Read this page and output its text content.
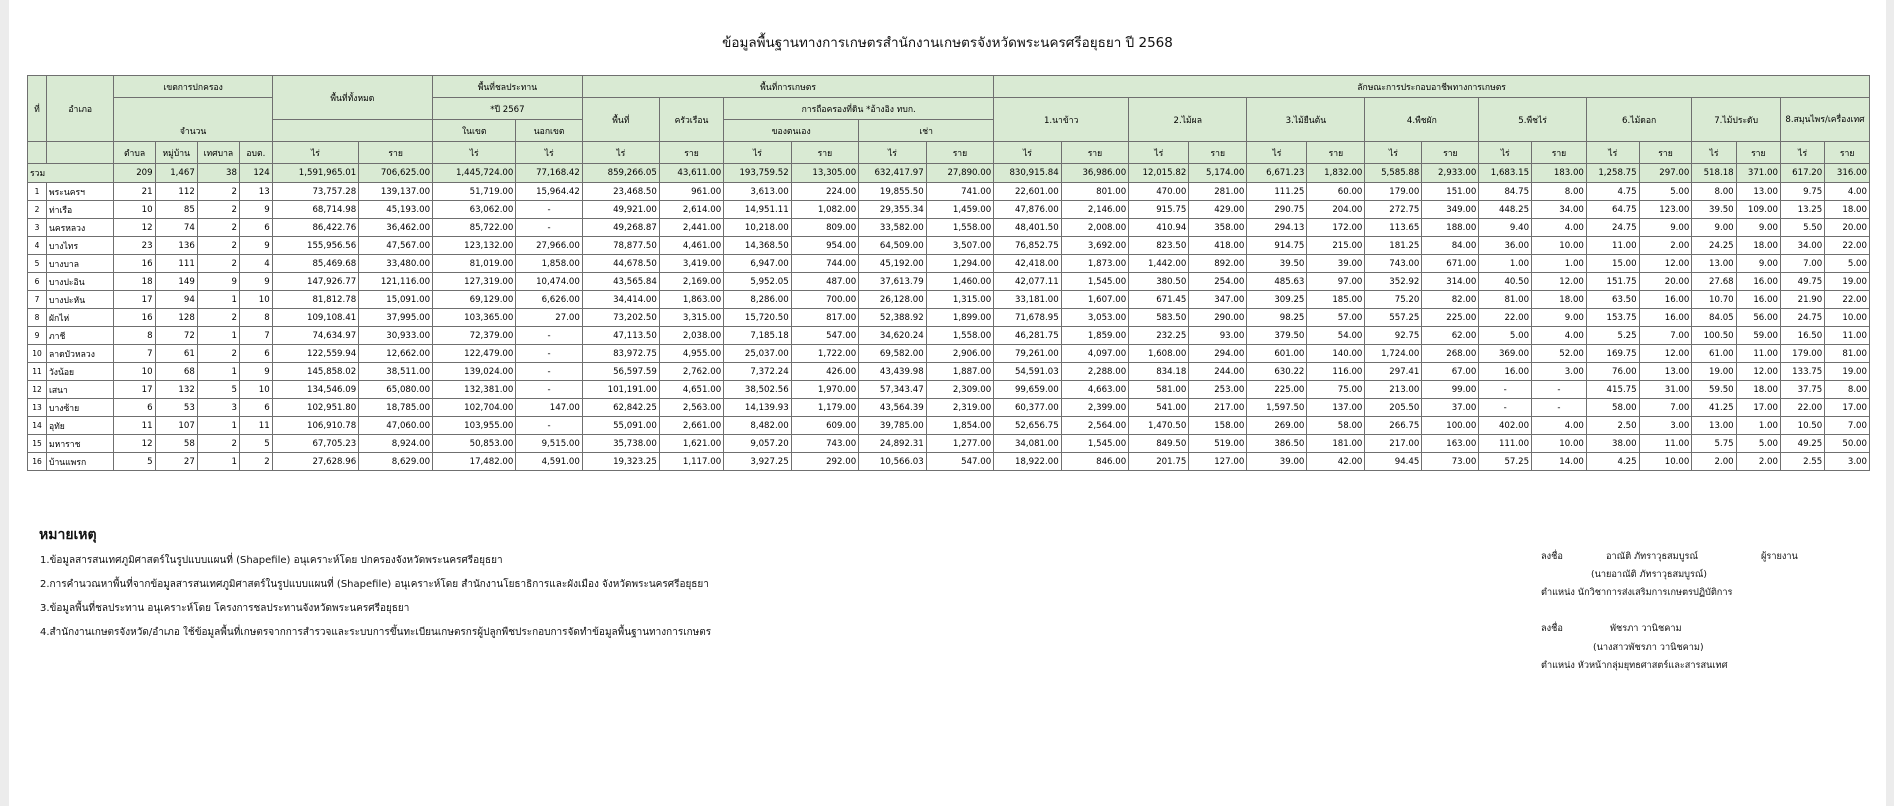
ข้อมูลพื้นฐานทางการเกษตรสำนักงานเกษตรจังหวัดพระนครศรีอยุธยา ปี 2568
ที่	อำเภอ	เขตการปกครอง				พื้นที่ทั้งหมด		พื้นที่ชลประทาน		พื้นที่การเกษตร						ลักษณะการประกอบอาชีพทางการเกษตร															
								*ปี 2567		พื้นที่	ครัวเรือน	การถือครองที่ดิน *อ้างอิง ทบก.				1.นาข้าว		2.ไม้ผล		3.ไม้ยืนต้น		4.พืชผัก		5.พืชไร่		6.ไม้ดอก		7.ไม้ประดับ		8.สมุนไพร/เครื่องเทศ	
		จำนวน						ในเขต	นอกเขต			ของตนเอง		เช่า																	
		ตำบล	หมู่บ้าน	เทศบาล	อบต.	ไร่	ราย	ไร่	ไร่	ไร่	ราย	ไร่	ราย	ไร่	ราย	ไร่	ราย	ไร่	ราย	ไร่	ราย	ไร่	ราย	ไร่	ราย	ไร่	ราย	ไร่	ราย	ไร่	ราย
รวม		209	1,467	38	124	1,591,965.01	706,625.00	1,445,724.00	77,168.42	859,266.05	43,611.00	193,759.52	13,305.00	632,417.97	27,890.00	830,915.84	36,986.00	12,015.82	5,174.00	6,671.23	1,832.00	5,585.88	2,933.00	1,683.15	183.00	1,258.75	297.00	518.18	371.00	617.20	316.00
1	พระนครฯ	21	112	2	13	73,757.28	139,137.00	51,719.00	15,964.42	23,468.50	961.00	3,613.00	224.00	19,855.50	741.00	22,601.00	801.00	470.00	281.00	111.25	60.00	179.00	151.00	84.75	8.00	4.75	5.00	8.00	13.00	9.75	4.00
2	ท่าเรือ	10	85	2	9	68,714.98	45,193.00	63,062.00	-	49,921.00	2,614.00	14,951.11	1,082.00	29,355.34	1,459.00	47,876.00	2,146.00	915.75	429.00	290.75	204.00	272.75	349.00	448.25	34.00	64.75	123.00	39.50	109.00	13.25	18.00
3	นครหลวง	12	74	2	6	86,422.76	36,462.00	85,722.00	-	49,268.87	2,441.00	10,218.00	809.00	33,582.00	1,558.00	48,401.50	2,008.00	410.94	358.00	294.13	172.00	113.65	188.00	9.40	4.00	24.75	9.00	9.00	9.00	5.50	20.00
4	บางไทร	23	136	2	9	155,956.56	47,567.00	123,132.00	27,966.00	78,877.50	4,461.00	14,368.50	954.00	64,509.00	3,507.00	76,852.75	3,692.00	823.50	418.00	914.75	215.00	181.25	84.00	36.00	10.00	11.00	2.00	24.25	18.00	34.00	22.00
5	บางบาล	16	111	2	4	85,469.68	33,480.00	81,019.00	1,858.00	44,678.50	3,419.00	6,947.00	744.00	45,192.00	1,294.00	42,418.00	1,873.00	1,442.00	892.00	39.50	39.00	743.00	671.00	1.00	1.00	15.00	12.00	13.00	9.00	7.00	5.00
6	บางปะอิน	18	149	9	9	147,926.77	121,116.00	127,319.00	10,474.00	43,565.84	2,169.00	5,952.05	487.00	37,613.79	1,460.00	42,077.11	1,545.00	380.50	254.00	485.63	97.00	352.92	314.00	40.50	12.00	151.75	20.00	27.68	16.00	49.75	19.00
7	บางปะหัน	17	94	1	10	81,812.78	15,091.00	69,129.00	6,626.00	34,414.00	1,863.00	8,286.00	700.00	26,128.00	1,315.00	33,181.00	1,607.00	671.45	347.00	309.25	185.00	75.20	82.00	81.00	18.00	63.50	16.00	10.70	16.00	21.90	22.00
8	ผักไห่	16	128	2	8	109,108.41	37,995.00	103,365.00	27.00	73,202.50	3,315.00	15,720.50	817.00	52,388.92	1,899.00	71,678.95	3,053.00	583.50	290.00	98.25	57.00	557.25	225.00	22.00	9.00	153.75	16.00	84.05	56.00	24.75	10.00
9	ภาชี	8	72	1	7	74,634.97	30,933.00	72,379.00	-	47,113.50	2,038.00	7,185.18	547.00	34,620.24	1,558.00	46,281.75	1,859.00	232.25	93.00	379.50	54.00	92.75	62.00	5.00	4.00	5.25	7.00	100.50	59.00	16.50	11.00
10	ลาดบัวหลวง	7	61	2	6	122,559.94	12,662.00	122,479.00	-	83,972.75	4,955.00	25,037.00	1,722.00	69,582.00	2,906.00	79,261.00	4,097.00	1,608.00	294.00	601.00	140.00	1,724.00	268.00	369.00	52.00	169.75	12.00	61.00	11.00	179.00	81.00
11	วังน้อย	10	68	1	9	145,858.02	38,511.00	139,024.00	-	56,597.59	2,762.00	7,372.24	426.00	43,439.98	1,887.00	54,591.03	2,288.00	834.18	244.00	630.22	116.00	297.41	67.00	16.00	3.00	76.00	13.00	19.00	12.00	133.75	19.00
12	เสนา	17	132	5	10	134,546.09	65,080.00	132,381.00	-	101,191.00	4,651.00	38,502.56	1,970.00	57,343.47	2,309.00	99,659.00	4,663.00	581.00	253.00	225.00	75.00	213.00	99.00	-	-	415.75	31.00	59.50	18.00	37.75	8.00
13	บางซ้าย	6	53	3	6	102,951.80	18,785.00	102,704.00	147.00	62,842.25	2,563.00	14,139.93	1,179.00	43,564.39	2,319.00	60,377.00	2,399.00	541.00	217.00	1,597.50	137.00	205.50	37.00	-	-	58.00	7.00	41.25	17.00	22.00	17.00
14	อุทัย	11	107	1	11	106,910.78	47,060.00	103,955.00	-	55,091.00	2,661.00	8,482.00	609.00	39,785.00	1,854.00	52,656.75	2,564.00	1,470.50	158.00	269.00	58.00	266.75	100.00	402.00	4.00	2.50	3.00	13.00	1.00	10.50	7.00
15	มหาราช	12	58	2	5	67,705.23	8,924.00	50,853.00	9,515.00	35,738.00	1,621.00	9,057.20	743.00	24,892.31	1,277.00	34,081.00	1,545.00	849.50	519.00	386.50	181.00	217.00	163.00	111.00	10.00	38.00	11.00	5.75	5.00	49.25	50.00
16	บ้านแพรก	5	27	1	2	27,628.96	8,629.00	17,482.00	4,591.00	19,323.25	1,117.00	3,927.25	292.00	10,566.03	547.00	18,922.00	846.00	201.75	127.00	39.00	42.00	94.45	73.00	57.25	14.00	4.25	10.00	2.00	2.00	2.55	3.00
หมายเหตุ
1.ข้อมูลสารสนเทศภูมิศาสตร์ในรูปแบบแผนที่ (Shapefile) อนุเคราะห์โดย ปกครองจังหวัดพระนครศรีอยุธยา
2.การคำนวณหาพื้นที่จากข้อมูลสารสนเทศภูมิศาสตร์ในรูปแบบแผนที่ (Shapefile) อนุเคราะห์โดย สำนักงานโยธาธิการและผังเมือง จังหวัดพระนครศรีอยุธยา
3.ข้อมูลพื้นที่ชลประทาน อนุเคราะห์โดย โครงการชลประทานจังหวัดพระนครศรีอยุธยา
4.สำนักงานเกษตรจังหวัด/อำเภอ ใช้ข้อมูลพื้นที่เกษตรจากการสำรวจและระบบการขึ้นทะเบียนเกษตรกรผู้ปลูกพืชประกอบการจัดทำข้อมูลพื้นฐานทางการเกษตร
ลงชื่อ	อาณัติ ภัทราวุธสมบูรณ์	ผู้รายงาน
(นายอาณัติ ภัทราวุธสมบูรณ์)
ตำแหน่ง นักวิชาการส่งเสริมการเกษตรปฏิบัติการ
ลงชื่อ	พัชรภา วานิชคาม
(นางสาวพัชรภา วานิชคาม)
ตำแหน่ง หัวหน้ากลุ่มยุทธศาสตร์และสารสนเทศ
